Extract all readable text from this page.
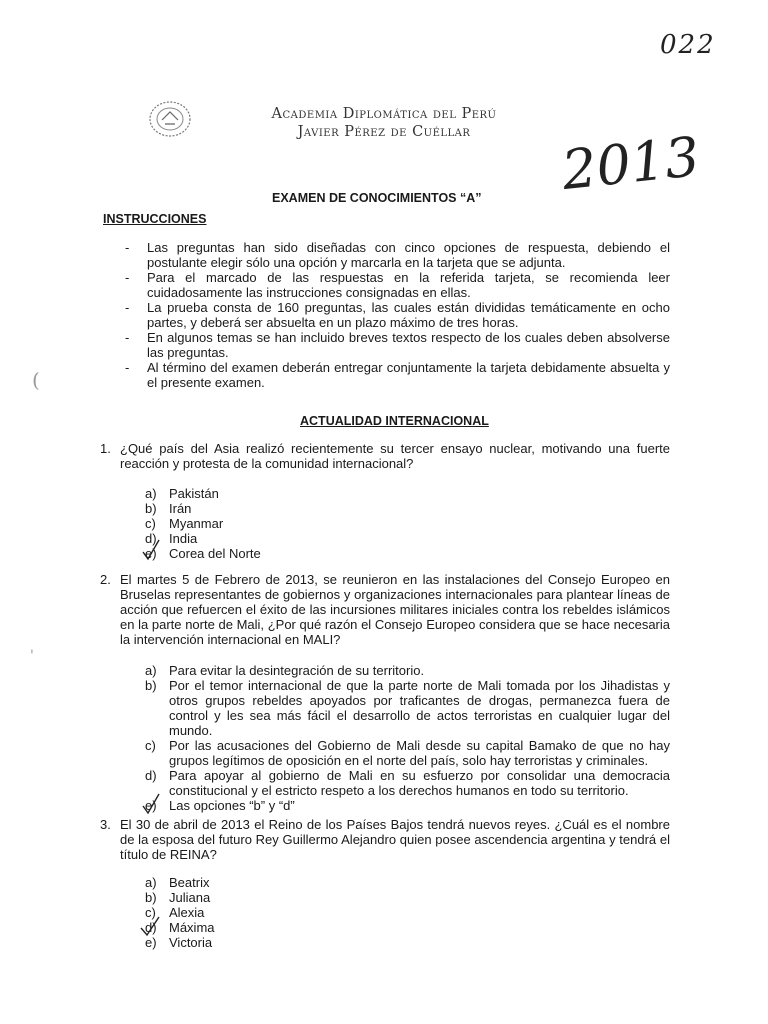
022
2013
Academia Diplomática del Perú
Javier Pérez de Cuéllar
EXAMEN DE CONOCIMIENTOS “A”
INSTRUCCIONES
- Las preguntas han sido diseñadas con cinco opciones de respuesta, debiendo el postulante elegir sólo una opción y marcarla en la tarjeta que se adjunta.
- Para el marcado de las respuestas en la referida tarjeta, se recomienda leer cuidadosamente las instrucciones consignadas en ellas.
- La prueba consta de 160 preguntas, las cuales están divididas temáticamente en ocho partes, y deberá ser absuelta en un plazo máximo de tres horas.
- En algunos temas se han incluido breves textos respecto de los cuales deben absolverse las preguntas.
- Al término del examen deberán entregar conjuntamente la tarjeta debidamente absuelta y el presente examen.
ACTUALIDAD INTERNACIONAL
1. ¿Qué país del Asia realizó recientemente su tercer ensayo nuclear, motivando una fuerte reacción y protesta de la comunidad internacional?
a) Pakistán
b) Irán
c) Myanmar
d) India
e) Corea del Norte
2. El martes 5 de Febrero de 2013, se reunieron en las instalaciones del Consejo Europeo en Bruselas representantes de gobiernos y organizaciones internacionales para plantear líneas de acción que refuercen el éxito de las incursiones militares iniciales contra los rebeldes islámicos en la parte norte de Mali, ¿Por qué razón el Consejo Europeo considera que se hace necesaria la intervención internacional en MALI?
a) Para evitar la desintegración de su territorio.
b) Por el temor internacional de que la parte norte de Mali tomada por los Jihadistas y otros grupos rebeldes apoyados por traficantes de drogas, permanezca fuera de control y les sea más fácil el desarrollo de actos terroristas en cualquier lugar del mundo.
c)	Por las acusaciones del Gobierno de Mali desde su capital Bamako de que no hay grupos legítimos de oposición en el norte del país, solo hay terroristas y criminales.
d) Para apoyar al gobierno de Mali en su esfuerzo por consolidar una democracia constitucional y el estricto respeto a los derechos humanos en todo su territorio.
e) Las opciones “b” y “d”
3. El 30 de abril de 2013 el Reino de los Países Bajos tendrá nuevos reyes. ¿Cuál es el nombre de la esposa del futuro Rey Guillermo Alejandro quien posee ascendencia argentina y tendrá el título de REINA?
a) Beatrix
b) Juliana
c) Alexia
d) Máxima
e) Victoria
(
'
